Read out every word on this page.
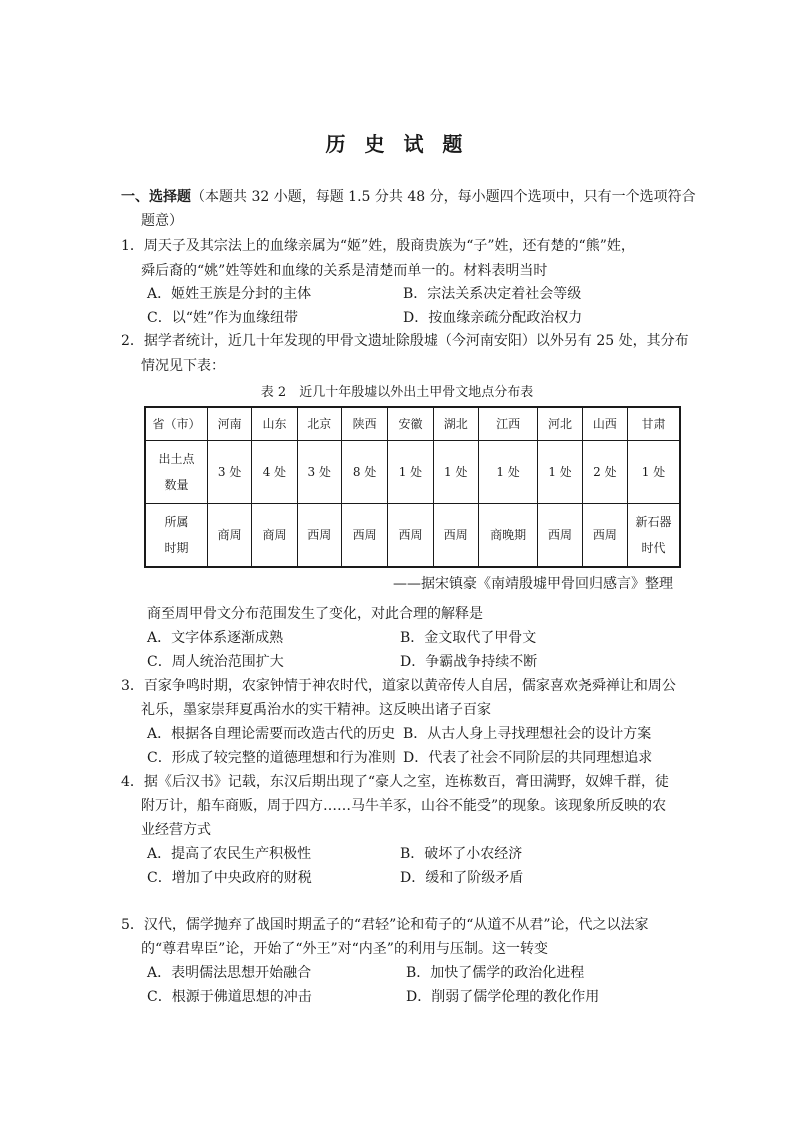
历 史 试 题
一、选择题（本题共 32 小题，每题 1.5 分共 48 分，每小题四个选项中，只有一个选项符合
题意）
1．周天子及其宗法上的血缘亲属为“姬”姓，殷商贵族为“子”姓，还有楚的“熊”姓，
舜后裔的“姚”姓等姓和血缘的关系是清楚而单一的。材料表明当时
A．姬姓王族是分封的主体	B．宗法关系决定着社会等级
C．以“姓”作为血缘纽带	D．按血缘亲疏分配政治权力
2．据学者统计，近几十年发现的甲骨文遗址除殷墟（今河南安阳）以外另有 25 处，其分布
情况见下表：
表 2　近几十年殷墟以外出土甲骨文地点分布表
省（市）	河南	山东	北京	陕西	安徽	湖北	江西	河北	山西	甘肃

出土点
数量	3 处	4 处	3 处	8 处	1 处	1 处	1 处	1 处	2 处	1 处

所属
时期	商周	商周	西周	西周	西周	西周	商晚期	西周	西周	新石器时代
——据宋镇豪《南靖殷墟甲骨回归感言》整理
商至周甲骨文分布范围发生了变化，对此合理的解释是
A．文字体系逐渐成熟	B．金文取代了甲骨文
C．周人统治范围扩大	D．争霸战争持续不断
3．百家争鸣时期，农家钟情于神农时代，道家以黄帝传人自居，儒家喜欢尧舜禅让和周公
礼乐，墨家崇拜夏禹治水的实干精神。这反映出诸子百家
A．根据各自理论需要而改造古代的历史 B．从古人身上寻找理想社会的设计方案
C．形成了较完整的道德理想和行为准则 D．代表了社会不同阶层的共同理想追求
4．据《后汉书》记载，东汉后期出现了“豪人之室，连栋数百，膏田满野，奴婢千群，徒
附万计，船车商贩，周于四方……马牛羊豕，山谷不能受”的现象。该现象所反映的农
业经营方式
A．提高了农民生产积极性	B．破坏了小农经济
C．增加了中央政府的财税	D．缓和了阶级矛盾
5．汉代，儒学抛弃了战国时期孟子的“君轻”论和荀子的“从道不从君”论，代之以法家
的“尊君卑臣”论，开始了“外王”对“内圣”的利用与压制。这一转变
A．表明儒法思想开始融合	B．加快了儒学的政治化进程
C．根源于佛道思想的冲击	D．削弱了儒学伦理的教化作用
